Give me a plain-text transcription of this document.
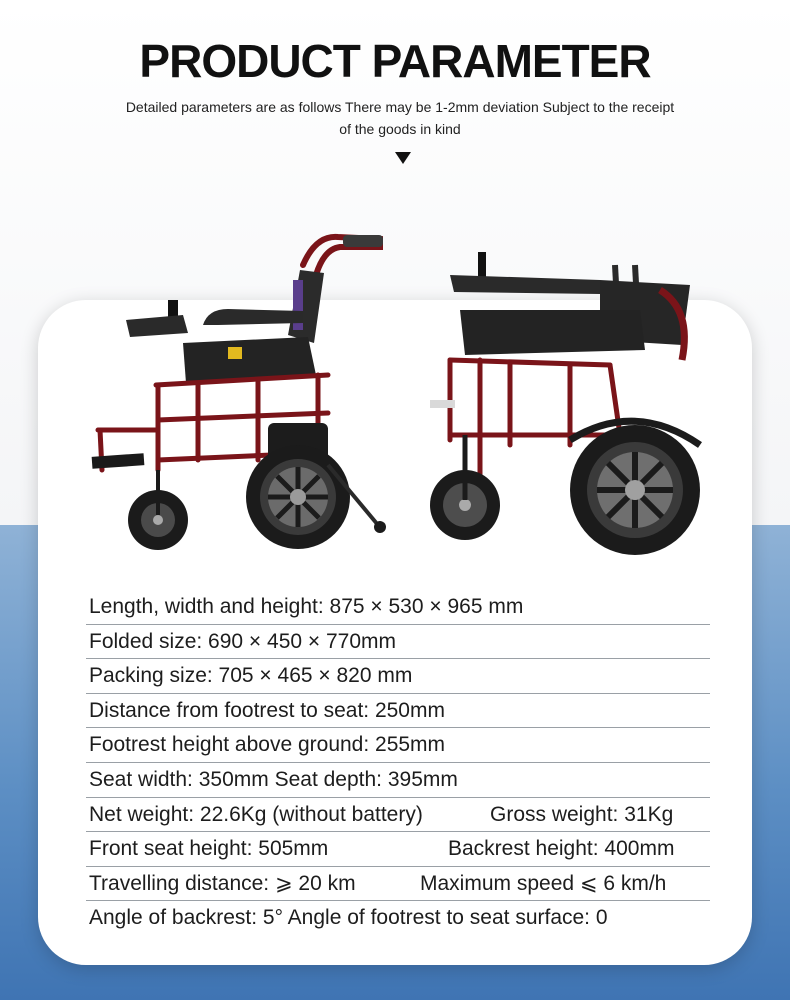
PRODUCT PARAMETER
Detailed parameters are as follows There may be 1-2mm deviation Subject to the receipt of the goods in kind
Length, width and height: 875 × 530 × 965 mm
Folded size: 690 × 450 × 770mm
Packing size: 705 × 465 × 820 mm
Distance from footrest to seat: 250mm
Footrest height above ground: 255mm
Seat width: 350mm Seat depth: 395mm
Net weight: 22.6Kg (without battery)	Gross weight: 31Kg
Front seat height: 505mm	Backrest height: 400mm
Travelling distance: ⩾ 20 km	Maximum speed ⩽ 6 km/h
Angle of backrest: 5° Angle of footrest to seat surface: 0
